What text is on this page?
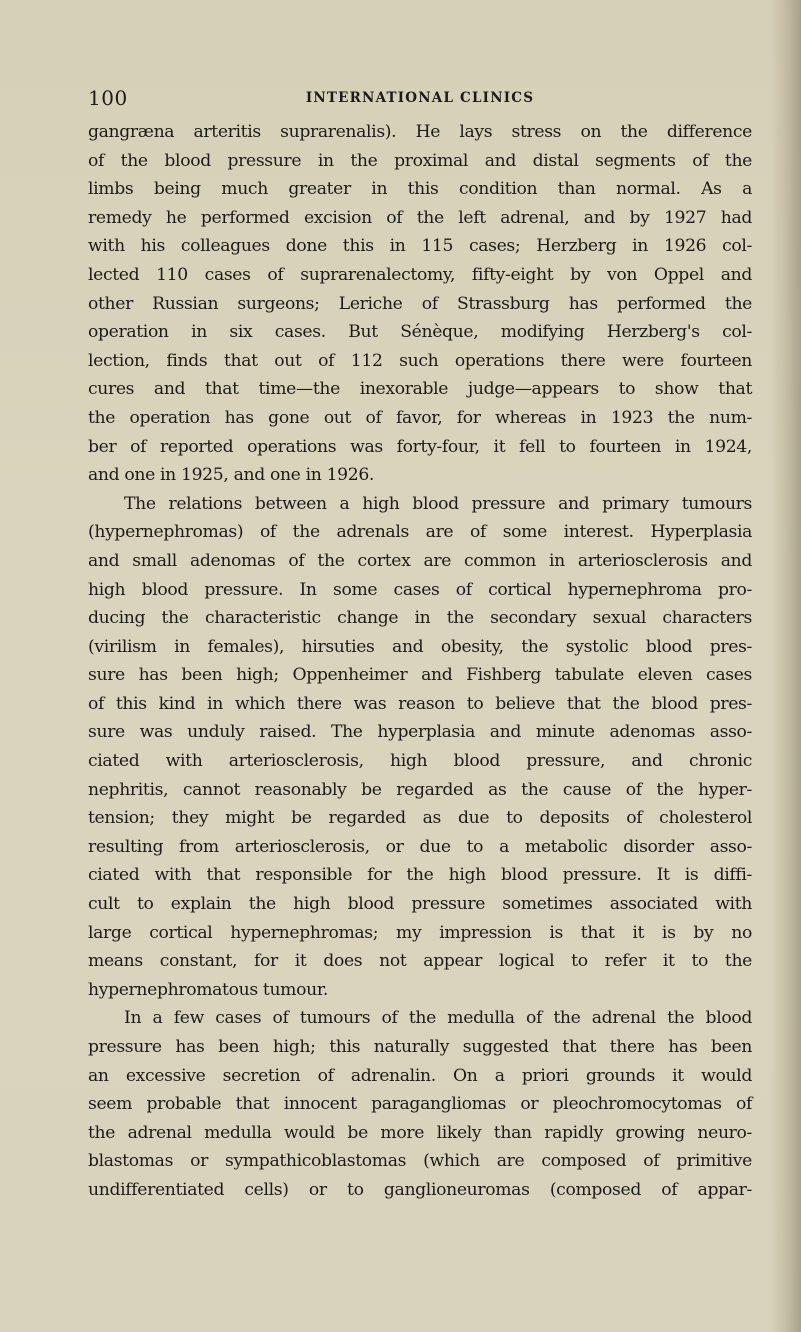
100	INTERNATIONAL CLINICS
gangræna arteritis suprarenalis). He lays stress on the difference
of the blood pressure in the proximal and distal segments of the
limbs being much greater in this condition than normal. As a
remedy he performed excision of the left adrenal, and by 1927 had
with his colleagues done this in 115 cases; Herzberg in 1926 col-
lected 110 cases of suprarenalectomy, fifty-eight by von Oppel and
other Russian surgeons; Leriche of Strassburg has performed the
operation in six cases. But Sénèque, modifying Herzberg's col-
lection, finds that out of 112 such operations there were fourteen
cures and that time—the inexorable judge—appears to show that
the operation has gone out of favor, for whereas in 1923 the num-
ber of reported operations was forty-four, it fell to fourteen in 1924,
and one in 1925, and one in 1926.
The relations between a high blood pressure and primary tumours
(hypernephromas) of the adrenals are of some interest. Hyperplasia
and small adenomas of the cortex are common in arteriosclerosis and
high blood pressure. In some cases of cortical hypernephroma pro-
ducing the characteristic change in the secondary sexual characters
(virilism in females), hirsuties and obesity, the systolic blood pres-
sure has been high; Oppenheimer and Fishberg tabulate eleven cases
of this kind in which there was reason to believe that the blood pres-
sure was unduly raised. The hyperplasia and minute adenomas asso-
ciated with arteriosclerosis, high blood pressure, and chronic
nephritis, cannot reasonably be regarded as the cause of the hyper-
tension; they might be regarded as due to deposits of cholesterol
resulting from arteriosclerosis, or due to a metabolic disorder asso-
ciated with that responsible for the high blood pressure. It is diffi-
cult to explain the high blood pressure sometimes associated with
large cortical hypernephromas; my impression is that it is by no
means constant, for it does not appear logical to refer it to the
hypernephromatous tumour.
In a few cases of tumours of the medulla of the adrenal the blood
pressure has been high; this naturally suggested that there has been
an excessive secretion of adrenalin. On a priori grounds it would
seem probable that innocent paragangliomas or pleochromocytomas of
the adrenal medulla would be more likely than rapidly growing neuro-
blastomas or sympathicoblastomas (which are composed of primitive
undifferentiated cells) or to ganglioneuromas (composed of appar-
